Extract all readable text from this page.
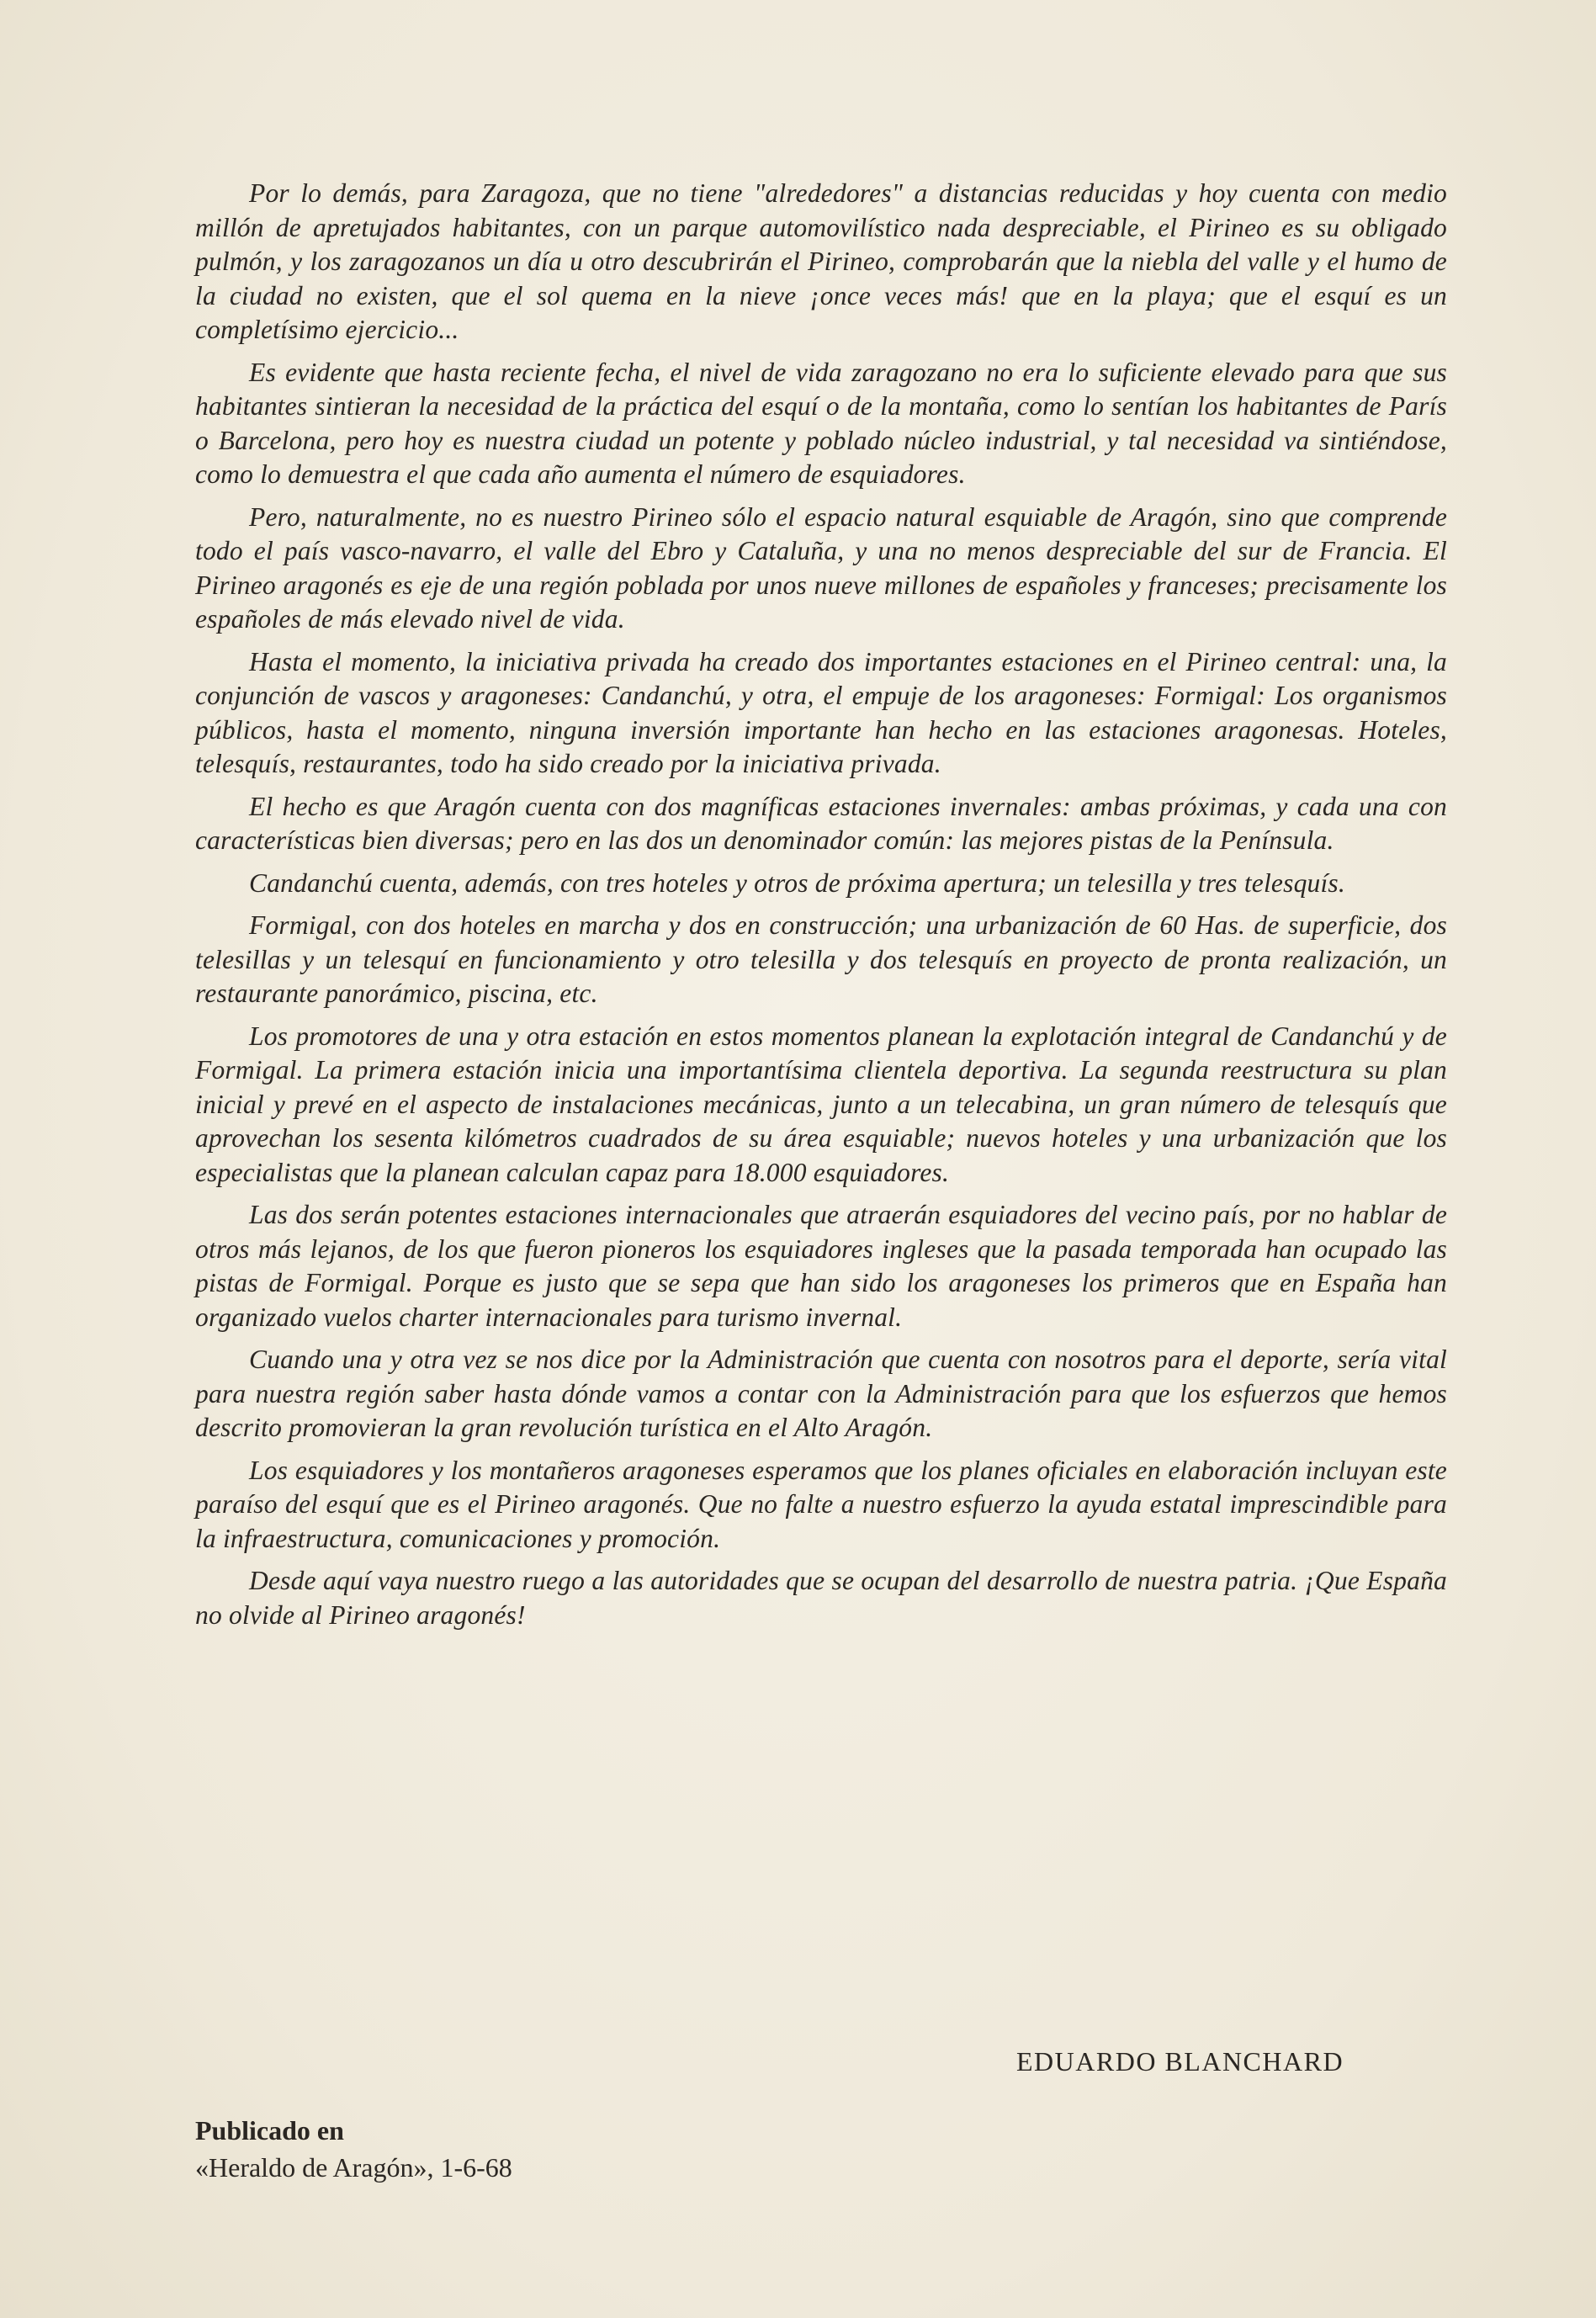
Por lo demás, para Zaragoza, que no tiene "alrededores" a distancias reducidas y hoy cuenta con medio millón de apretujados habitantes, con un parque automovilístico nada despreciable, el Pirineo es su obligado pulmón, y los zaragozanos un día u otro descubrirán el Pirineo, comprobarán que la niebla del valle y el humo de la ciudad no existen, que el sol quema en la nieve ¡once veces más! que en la playa; que el esquí es un completísimo ejercicio...

Es evidente que hasta reciente fecha, el nivel de vida zaragozano no era lo suficiente elevado para que sus habitantes sintieran la necesidad de la práctica del esquí o de la montaña, como lo sentían los habitantes de París o Barcelona, pero hoy es nuestra ciudad un potente y poblado núcleo industrial, y tal necesidad va sintiéndose, como lo demuestra el que cada año aumenta el número de esquiadores.

Pero, naturalmente, no es nuestro Pirineo sólo el espacio natural esquiable de Aragón, sino que comprende todo el país vasco-navarro, el valle del Ebro y Cataluña, y una no menos despreciable del sur de Francia. El Pirineo aragonés es eje de una región poblada por unos nueve millones de españoles y franceses; precisamente los españoles de más elevado nivel de vida.

Hasta el momento, la iniciativa privada ha creado dos importantes estaciones en el Pirineo central: una, la conjunción de vascos y aragoneses: Candanchú, y otra, el empuje de los aragoneses: Formigal: Los organismos públicos, hasta el momento, ninguna inversión importante han hecho en las estaciones aragonesas. Hoteles, telesquís, restaurantes, todo ha sido creado por la iniciativa privada.

El hecho es que Aragón cuenta con dos magníficas estaciones invernales: ambas próximas, y cada una con características bien diversas; pero en las dos un denominador común: las mejores pistas de la Península.

Candanchú cuenta, además, con tres hoteles y otros de próxima apertura; un telesilla y tres telesquís.

Formigal, con dos hoteles en marcha y dos en construcción; una urbanización de 60 Has. de superficie, dos telesillas y un telesquí en funcionamiento y otro telesilla y dos telesquís en proyecto de pronta realización, un restaurante panorámico, piscina, etc.

Los promotores de una y otra estación en estos momentos planean la explotación integral de Candanchú y de Formigal. La primera estación inicia una importantísima clientela deportiva. La segunda reestructura su plan inicial y prevé en el aspecto de instalaciones mecánicas, junto a un telecabina, un gran número de telesquís que aprovechan los sesenta kilómetros cuadrados de su área esquiable; nuevos hoteles y una urbanización que los especialistas que la planean calculan capaz para 18.000 esquiadores.

Las dos serán potentes estaciones internacionales que atraerán esquiadores del vecino país, por no hablar de otros más lejanos, de los que fueron pioneros los esquiadores ingleses que la pasada temporada han ocupado las pistas de Formigal. Porque es justo que se sepa que han sido los aragoneses los primeros que en España han organizado vuelos charter internacionales para turismo invernal.

Cuando una y otra vez se nos dice por la Administración que cuenta con nosotros para el deporte, sería vital para nuestra región saber hasta dónde vamos a contar con la Administración para que los esfuerzos que hemos descrito promovieran la gran revolución turística en el Alto Aragón.

Los esquiadores y los montañeros aragoneses esperamos que los planes oficiales en elaboración incluyan este paraíso del esquí que es el Pirineo aragonés. Que no falte a nuestro esfuerzo la ayuda estatal imprescindible para la infraestructura, comunicaciones y promoción.

Desde aquí vaya nuestro ruego a las autoridades que se ocupan del desarrollo de nuestra patria. ¡Que España no olvide al Pirineo aragonés!

EDUARDO BLANCHARD
Publicado en
«Heraldo de Aragón», 1-6-68
